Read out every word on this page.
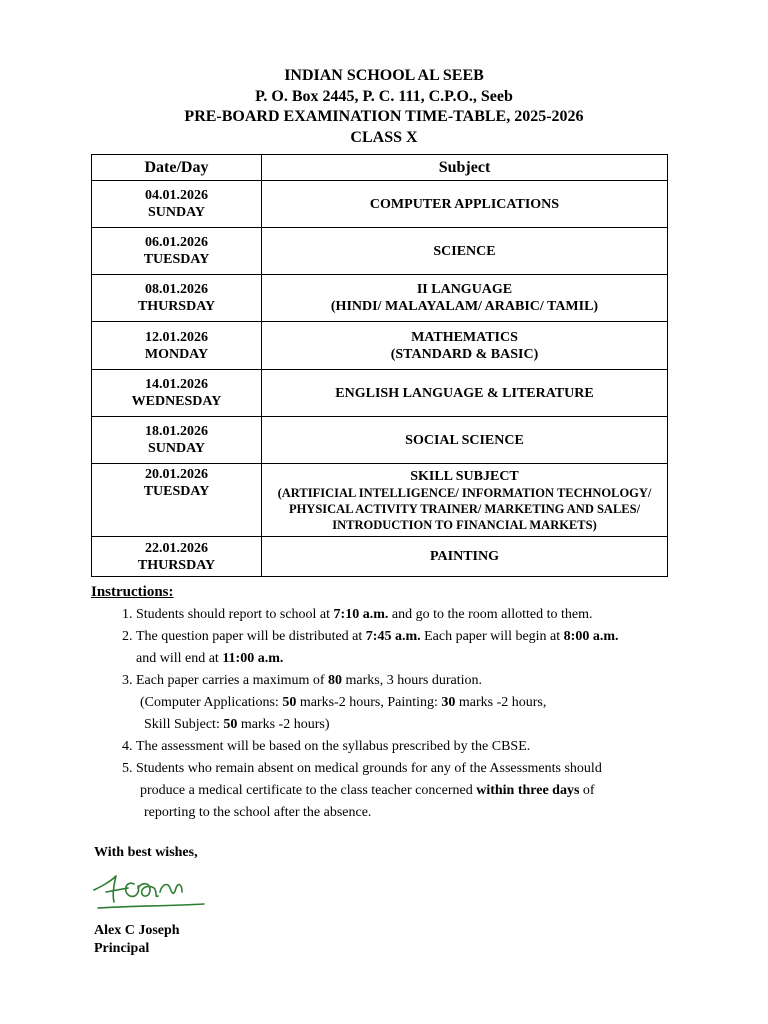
INDIAN SCHOOL AL SEEB
P. O. Box 2445, P. C. 111, C.P.O., Seeb
PRE-BOARD EXAMINATION TIME-TABLE, 2025-2026
CLASS X
Date/Day	Subject

04.01.2026
SUNDAY	COMPUTER APPLICATIONS

06.01.2026
TUESDAY	SCIENCE

08.01.2026
THURSDAY	II LANGUAGE
(HINDI/ MALAYALAM/ ARABIC/ TAMIL)

12.01.2026
MONDAY	MATHEMATICS
(STANDARD & BASIC)

14.01.2026
WEDNESDAY	ENGLISH LANGUAGE & LITERATURE

18.01.2026
SUNDAY	SOCIAL SCIENCE

20.01.2026
TUESDAY	SKILL SUBJECT
(ARTIFICIAL INTELLIGENCE/ INFORMATION TECHNOLOGY/
PHYSICAL ACTIVITY TRAINER/ MARKETING AND SALES/
INTRODUCTION TO FINANCIAL MARKETS)

22.01.2026
THURSDAY	PAINTING
Instructions:
1. Students should report to school at 7:10 a.m. and go to the room allotted to them.
2. The question paper will be distributed at 7:45 a.m. Each paper will begin at 8:00 a.m.
and will end at 11:00 a.m.
3. Each paper carries a maximum of 80 marks, 3 hours duration.
(Computer Applications: 50 marks-2 hours, Painting: 30 marks -2 hours,
Skill Subject: 50 marks -2 hours)
4. The assessment will be based on the syllabus prescribed by the CBSE.
5. Students who remain absent on medical grounds for any of the Assessments should
produce a medical certificate to the class teacher concerned within three days of
reporting to the school after the absence.
With best wishes,
Alex C Joseph
Principal
